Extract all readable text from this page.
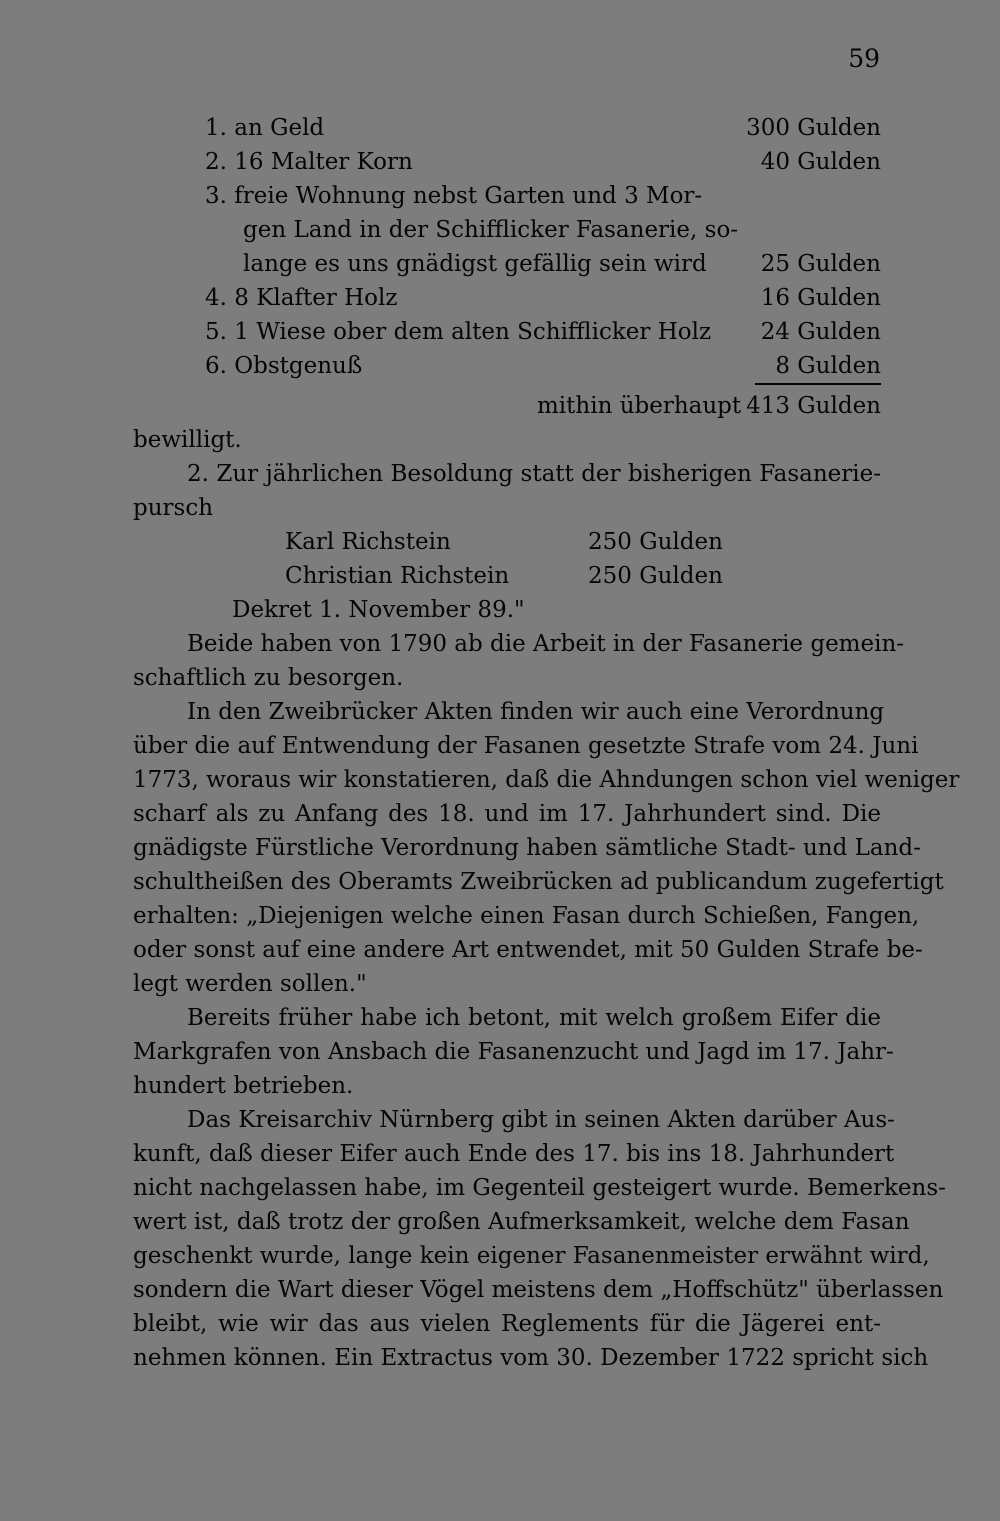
59
1. an Geld	300 Gulden
2. 16 Malter Korn	40 Gulden
3. freie Wohnung nebst Garten und 3 Mor-
gen Land in der Schifflicker Fasanerie, so-
lange es uns gnädigst gefällig sein wird 25 Gulden
4. 8 Klafter Holz	16 Gulden
5. 1 Wiese ober dem alten Schifflicker Holz 24 Gulden
6. Obstgenuß	8 Gulden
mithin überhaupt 413 Gulden
bewilligt.
2. Zur jährlichen Besoldung statt der bisherigen Fasanerie-
pursch
Karl Richstein	250 Gulden
Christian Richstein	250 Gulden
Dekret 1. November 89."
Beide haben von 1790 ab die Arbeit in der Fasanerie gemein-
schaftlich zu besorgen.
In den Zweibrücker Akten finden wir auch eine Verordnung
über die auf Entwendung der Fasanen gesetzte Strafe vom 24. Juni
1773, woraus wir konstatieren, daß die Ahndungen schon viel weniger
scharf als zu Anfang des 18. und im 17. Jahrhundert sind. Die
gnädigste Fürstliche Verordnung haben sämtliche Stadt- und Land-
schultheißen des Oberamts Zweibrücken ad publicandum zugefertigt
erhalten: „Diejenigen welche einen Fasan durch Schießen, Fangen,
oder sonst auf eine andere Art entwendet, mit 50 Gulden Strafe be-
legt werden sollen."
Bereits früher habe ich betont, mit welch großem Eifer die
Markgrafen von Ansbach die Fasanenzucht und Jagd im 17. Jahr-
hundert betrieben.
Das Kreisarchiv Nürnberg gibt in seinen Akten darüber Aus-
kunft, daß dieser Eifer auch Ende des 17. bis ins 18. Jahrhundert
nicht nachgelassen habe, im Gegenteil gesteigert wurde. Bemerkens-
wert ist, daß trotz der großen Aufmerksamkeit, welche dem Fasan
geschenkt wurde, lange kein eigener Fasanenmeister erwähnt wird,
sondern die Wart dieser Vögel meistens dem „Hoffschütz" überlassen
bleibt, wie wir das aus vielen Reglements für die Jägerei ent-
nehmen können. Ein Extractus vom 30. Dezember 1722 spricht sich
